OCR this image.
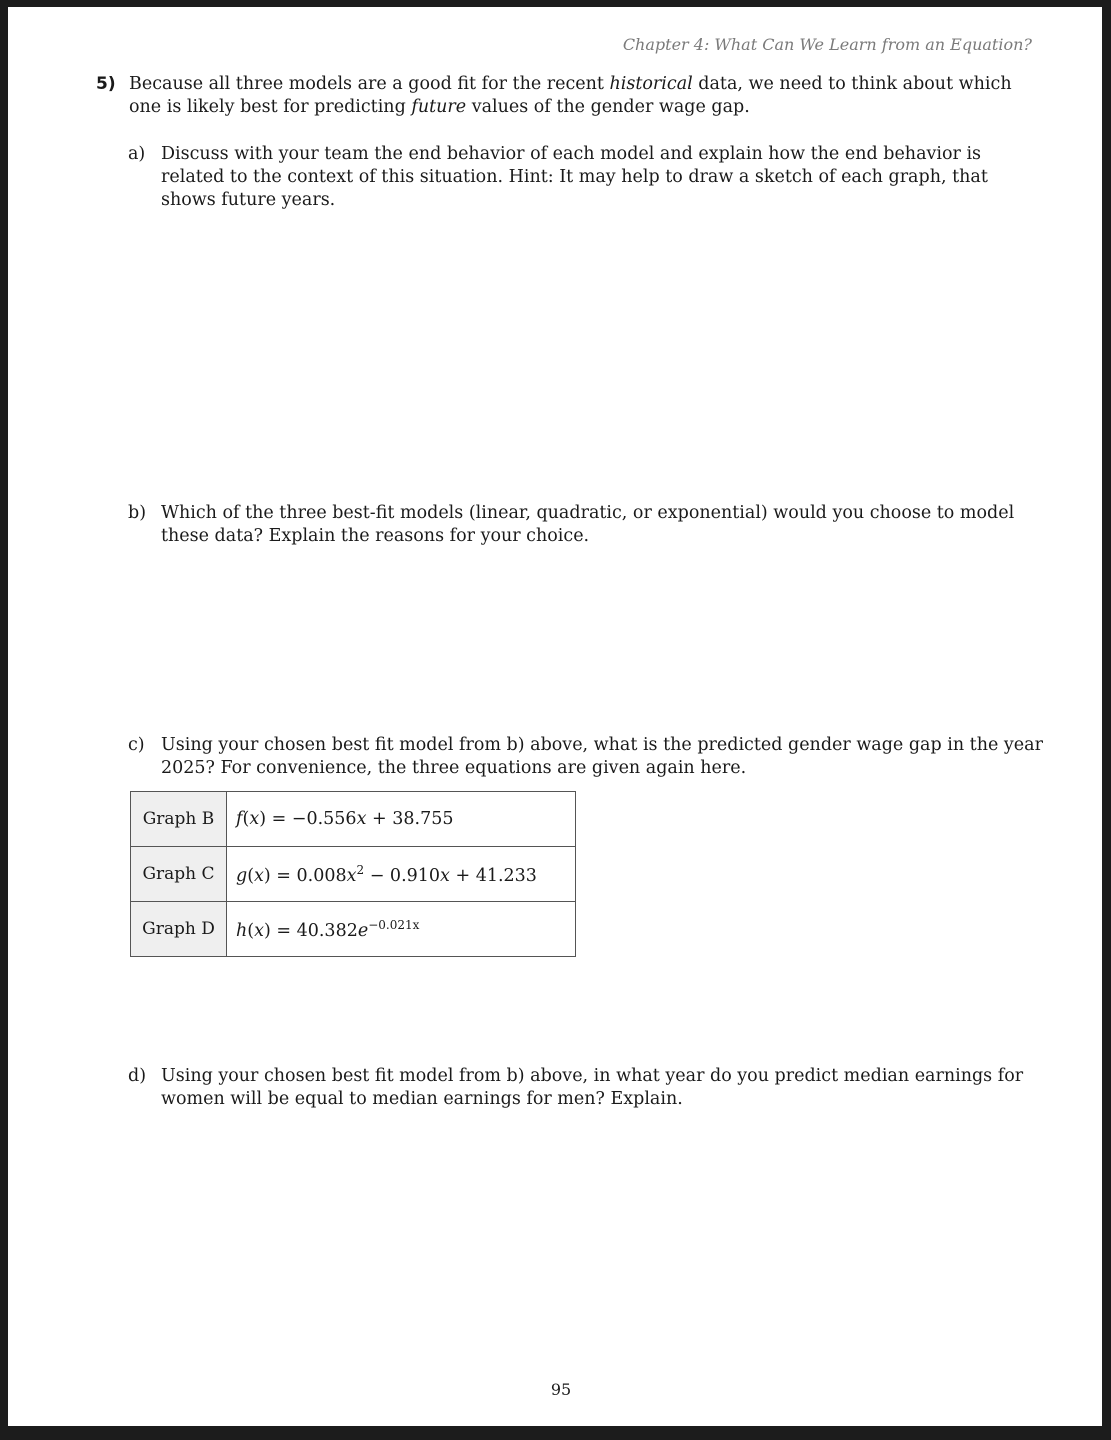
Chapter 4: What Can We Learn from an Equation?
5) Because all three models are a good fit for the recent historical data, we need to think about which one is likely best for predicting future values of the gender wage gap.
a) Discuss with your team the end behavior of each model and explain how the end behavior is related to the context of this situation. Hint: It may help to draw a sketch of each graph, that shows future years.
b) Which of the three best-fit models (linear, quadratic, or exponential) would you choose to model these data? Explain the reasons for your choice.
c) Using your chosen best fit model from b) above, what is the predicted gender wage gap in the year 2025? For convenience, the three equations are given again here.
Graph B	f(x) = −0.556x + 38.755
Graph C	$g(x) = 0.008x^2 - 0.910x + 41.233$
Graph D	$h(x) = 40.382e^{-0.021x}$
d) Using your chosen best fit model from b) above, in what year do you predict median earnings for women will be equal to median earnings for men? Explain.
95
